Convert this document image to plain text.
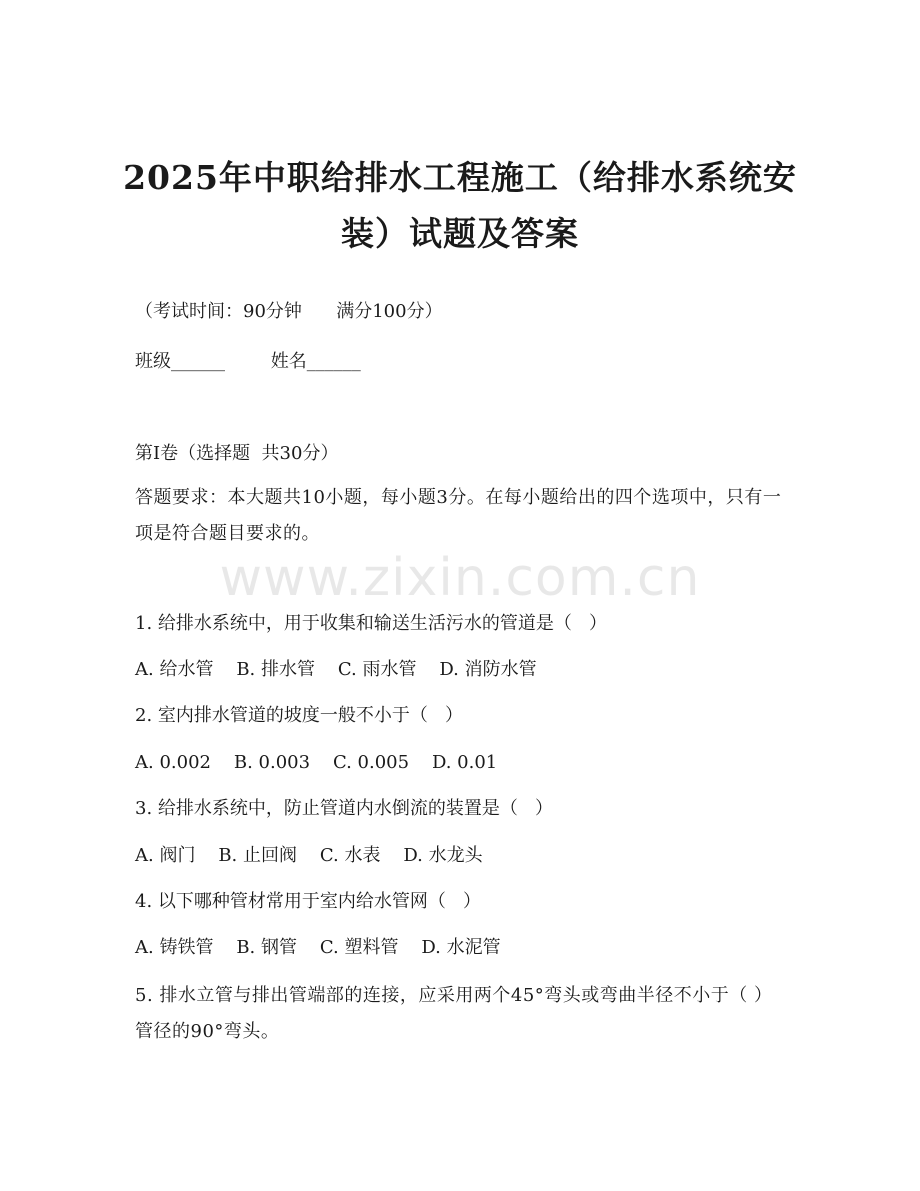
2025年中职给排水工程施工（给排水系统安装）试题及答案

（考试时间：90分钟      满分100分）

班级______        姓名______

第I卷（选择题  共30分）

答题要求：本大题共10小题，每小题3分。在每小题给出的四个选项中，只有一项是符合题目要求的。

www.zixin.com.cn

1. 给排水系统中，用于收集和输送生活污水的管道是（   ）

A. 给水管    B. 排水管    C. 雨水管    D. 消防水管

2. 室内排水管道的坡度一般不小于（   ）

A. 0.002    B. 0.003    C. 0.005    D. 0.01

3. 给排水系统中，防止管道内水倒流的装置是（   ）

A. 阀门    B. 止回阀    C. 水表    D. 水龙头

4. 以下哪种管材常用于室内给水管网（   ）

A. 铸铁管    B. 钢管    C. 塑料管    D. 水泥管

5. 排水立管与排出管端部的连接，应采用两个45°弯头或弯曲半径不小于（ ）管径的90°弯头。
